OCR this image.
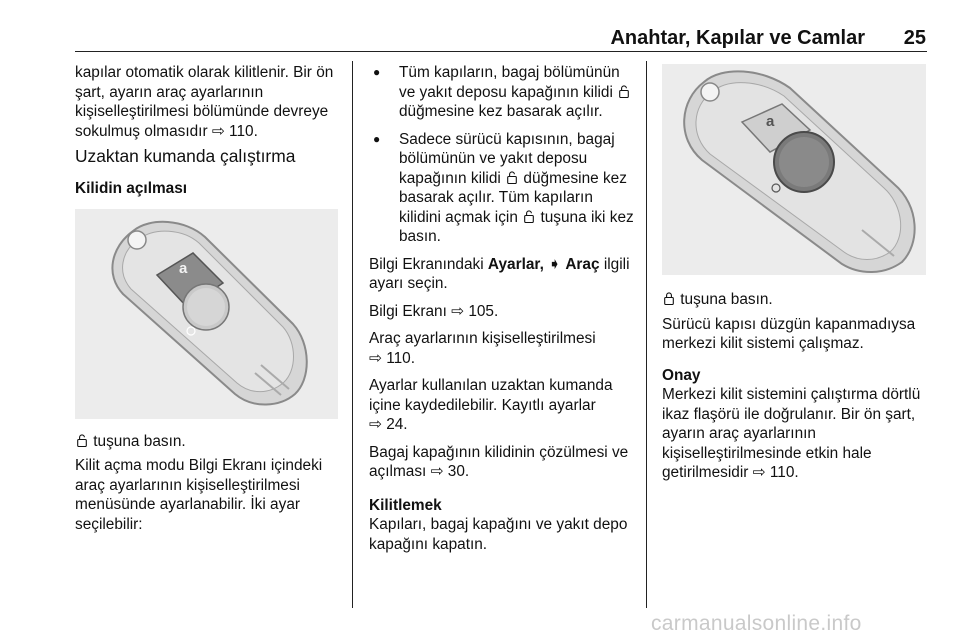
Anahtar, Kapılar ve Camlar 25

kapılar otomatik olarak kilitlenir. Bir ön şart, ayarın araç ayarlarının kişiselleştirilmesi bölümünde devreye sokulmuş olmasıdır ⇨ 110.

Uzaktan kumanda çalıştırma
Kilidin açılması

tuşuna basın.

Kilit açma modu Bilgi Ekranı içindeki araç ayarlarının kişiselleştirilmesi menüsünde ayarlanabilir. İki ayar seçilebilir:

a
● Tüm kapıların, bagaj bölümünün ve yakıt deposu kapağının kilidi  düğmesine kez basarak açılır.
● Sadece sürücü kapısının, bagaj bölümünün ve yakıt deposu kapağının kilidi düğmesine kez basarak açılır. Tüm kapıların kilidini açmak için tuşuna iki kez basın.

Bilgi Ekranındaki Ayarlar, ➧ Araç ilgili ayarı seçin.

Bilgi Ekranı ⇨ 105.

Araç ayarlarının kişiselleştirilmesi
⇨ 110.

Ayarlar kullanılan uzaktan kumanda içine kaydedilebilir. Kayıtlı ayarlar
⇨ 24.

Bagaj kapağının kilidinin çözülmesi ve açılması ⇨ 30.

Kilitlemek

Kapıları, bagaj kapağını ve yakıt depo kapağını kapatın.

a

tuşuna basın.

Sürücü kapısı düzgün kapanmadıysa merkezi kilit sistemi çalışmaz.

Onay

Merkezi kilit sistemini çalıştırma dörtlü ikaz flaşörü ile doğrulanır. Bir ön şart, ayarın araç ayarlarının kişiselleştirilmesinde etkin hale getirilmesidir ⇨ 110.

carmanualsonline.info
